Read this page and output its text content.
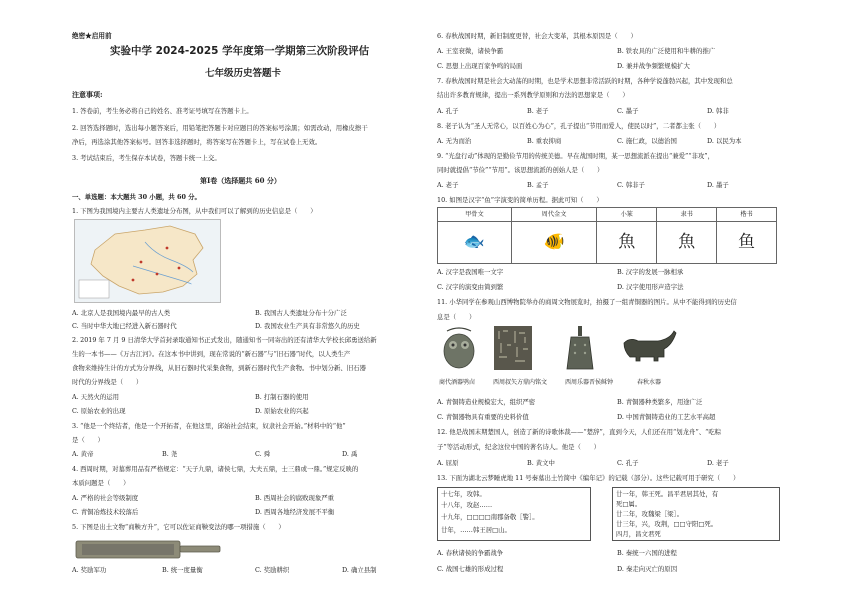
绝密★启用前
实验中学 2024-2025 学年度第一学期第三次阶段评估
七年级历史答题卡
注意事项:
1. 答卷前，考生务必将自己的姓名、准考证号填写在答题卡上。
2. 回答选择题时，选出每小题答案后，用铅笔把答题卡对应题目的答案标号涂黑；如需改动，用橡皮擦干
净后，再选涂其他答案标号。回答非选择题时，将答案写在答题卡上，写在试卷上无效。
3. 考试结束后，考生保存本试卷，答题卡统一上交。
第Ⅰ卷（选择题共 60 分）
一、单选题：本大题共 30 小题，共 60 分。
1. 下图为我国境内主要古人类遗址分布图，从中我们可以了解到的历史信息是（　　）
A. 北京人是我国境内最早的古人类	B. 我国古人类遗址分布十分广泛
C. 当时中华大地已经进入新石器时代	D. 我国农业生产具有非常悠久的历史
2. 2019 年 7 月 9 日清华大学首封录取通知书正式发出，随通知书一同寄出的还有清华大学校长邱勇送给新
生的一本书——《万古江河》。在这本书中讲到，现在常说的“新石器”与“旧石器”时代，以人类生产
食物来维持生计的方式为分界线，从旧石器时代采集食物，到新石器时代生产食物。书中划分新、旧石器
时代的分界线是（　　）
A. 天然火的运用	B. 打制石器的使用
C. 原始农业的出现	D. 原始农业的兴起
3. “他是一个终结者，他是一个开拓者，在他这里，邱始社会结束，奴隶社会开始。”材料中的“他”
是（　　）
A. 黄帝	B. 尧	C. 舜	D. 禹
4. 西周时期，对墓葬用品有严格规定：“天子九鼎，诸侯七鼎，大夫五鼎，士三鼎或一鼎。”规定反映的
本质问题是（　　）
A. 严格的社会等级制度	B. 西周社会的腐败现象严重
C. 青铜冶炼技术较落后	D. 西周各地经济发展不平衡
5. 下图是出土文物“商鞅方升”，它可以佐证商鞅变法的哪一项措施（　　）
A. 奖励军功	B. 统一度量衡	C. 奖励耕织	D. 确立县制
6. 春秋战国时期，新旧制度更替，社会大变革，其根本原因是（　　）
A. 王室衰微，诸侯争霸	B. 铁农具的广泛使用和牛耕的推广
C. 思想上出现百家争鸣的局面	D. 兼并战争频繁规模扩大
7. 春秋战国时期是社会大动荡的时期，也是学术思想非常活跃的时期，各种学说蓬勃兴起，其中发现和总
结出许多教育规律，提出一系列教学原则和方法的思想家是（　　）
A. 孔子	B. 老子	C. 墨子	D. 韩非
8. 老子认为“圣人无常心，以百姓心为心”，孔子提出“节用而爱人，使民以时”，二者都主张（　　）
A. 无为而治	B. 重农抑商	C. 施仁政，以德治国	D. 以民为本
9. “光盘行动”体现的是勤俭节用的传统美德。早在战国时期，某一思想流派在提出“兼爱”“非攻”，
同时就提倡“节俭”“节用”。该思想流派的创始人是（　　）
A. 老子	B. 孟子	C. 韩非子	D. 墨子
10. 如图是汉字“鱼”字演变的简单历程。据此可知（　　）
甲骨文	周代金文	小篆	隶书	楷书
🐟	🐠	⿂	魚	鱼
A. 汉字是我国唯一文字	B. 汉字的发展一脉相承
C. 汉字的演变由简到繁	D. 汉字使用形声造字法
11. 小华同学在参观山西博物院举办的商周文物展览时，拍摄了一组青铜器的图片。从中不能得到的历史信
息是（　　）
商代酒器鸮卣	西周叔矢方鼎内铭文	西周乐器晋侯稣钟	春秋水器
A. 青铜铸造业规模宏大，组织严密	B. 青铜器种类繁多，用途广泛
C. 青铜器物具有重要的史料价值	D. 中国青铜铸造业的工艺水平高超
12. 他是战国末期楚国人，创造了新的诗歌体裁——“楚辞”，直到今天，人们还在用“划龙舟”、“吃粽
子”等活动形式，纪念这位中国的著名诗人。他是（　　）
A. 屈原	B. 黄文中	C. 孔子	D. 老子
13. 下面为湖北云梦睡虎地 11 号秦墓出土竹简中《编年记》的记载（部分）。这些记载可用于研究（　　）
十七年，攻韩。
十八年，攻赵……
十九年，□□□□南郡备敬［警］。
廿年，……韩王居□山。
廿一年，韩王死。昌平君居其处，有
死□属。
廿二年，攻魏梁［梁］。
廿三年，兴，攻荆，□□守阳□死。
四月，昌文君死
A. 春秋诸侯的争霸战争	B. 秦统一六国的进程
C. 战国七雄的形成过程	D. 秦走向灭亡的原因
